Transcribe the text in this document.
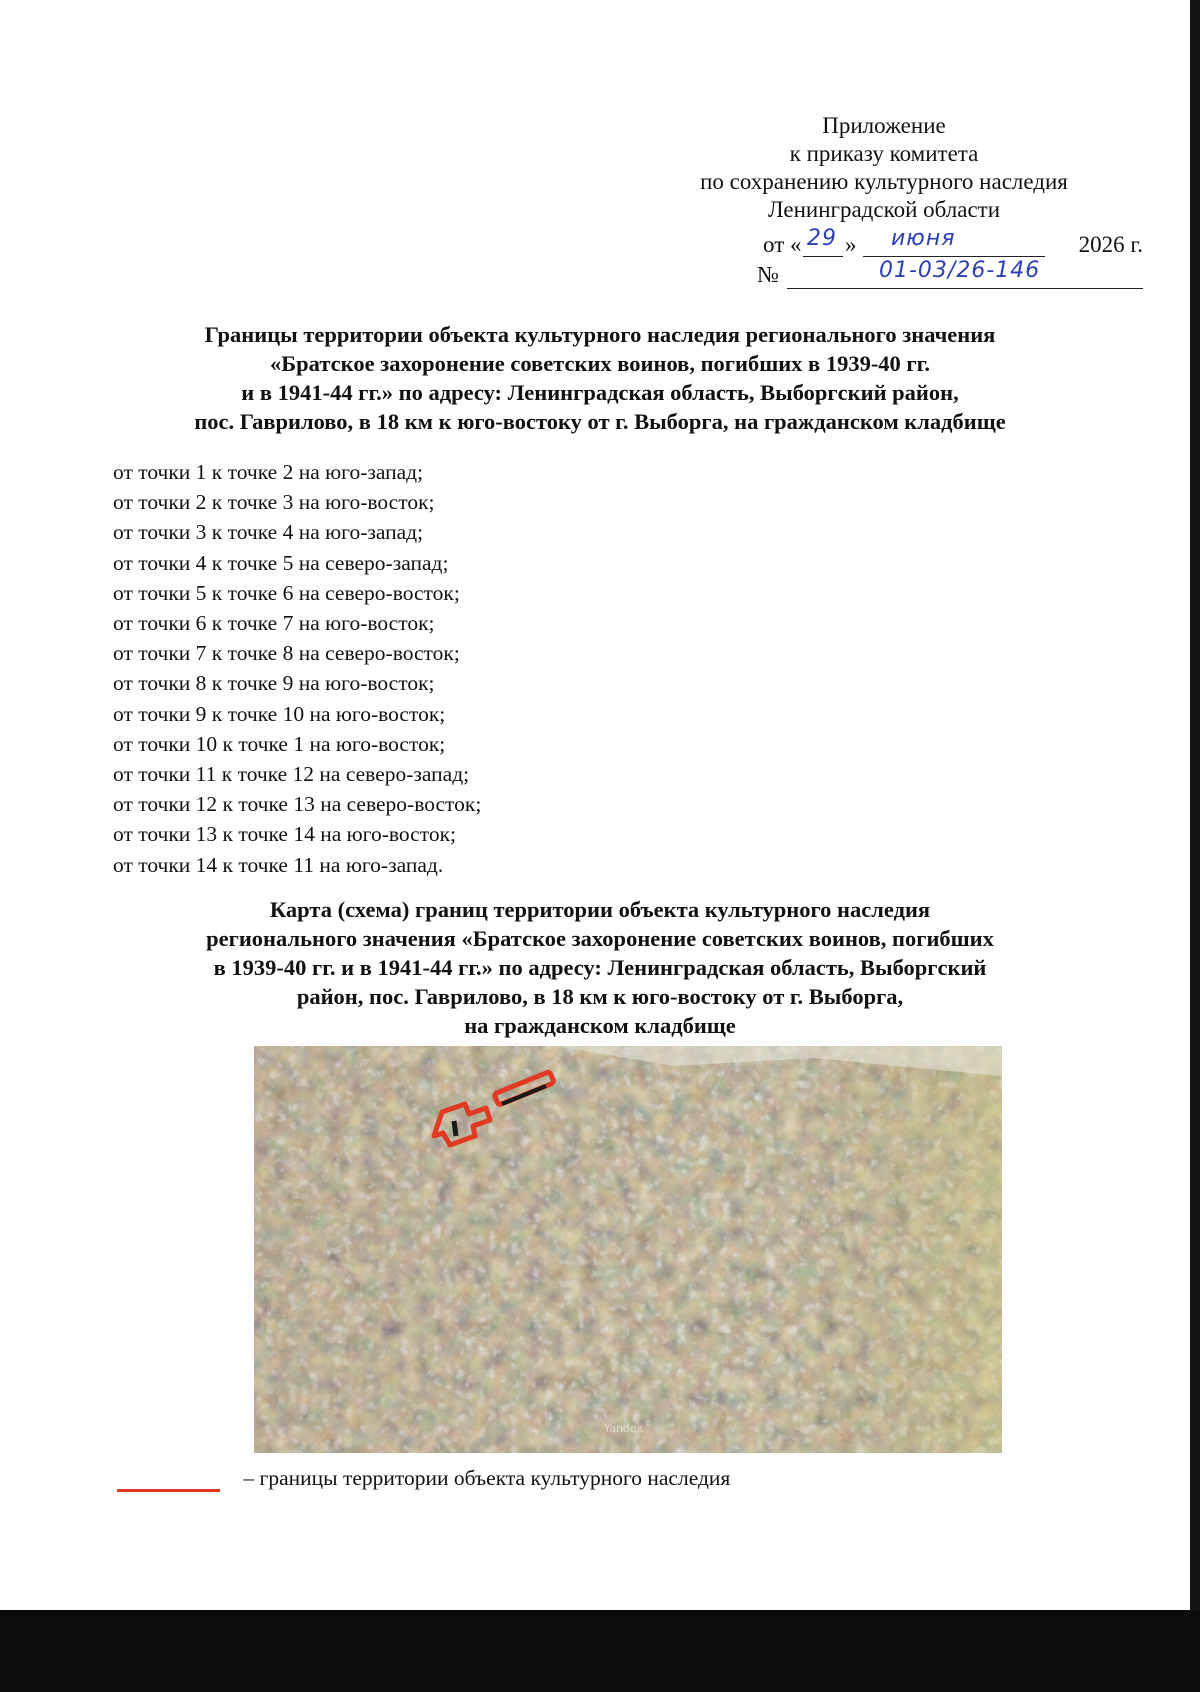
Приложение
к приказу комитета
по сохранению культурного наследия
Ленинградской области
от « 29 » июня	2026 г.
№	01-03/26-146
Границы территории объекта культурного наследия регионального значения
«Братское захоронение советских воинов, погибших в 1939-40 гг.
и в 1941-44 гг.» по адресу: Ленинградская область, Выборгский район,
пос. Гаврилово, в 18 км к юго-востоку от г. Выборга, на гражданском кладбище
от точки 1 к точке 2 на юго-запад;
от точки 2 к точке 3 на юго-восток;
от точки 3 к точке 4 на юго-запад;
от точки 4 к точке 5 на северо-запад;
от точки 5 к точке 6 на северо-восток;
от точки 6 к точке 7 на юго-восток;
от точки 7 к точке 8 на северо-восток;
от точки 8 к точке 9 на юго-восток;
от точки 9 к точке 10 на юго-восток;
от точки 10 к точке 1 на юго-восток;
от точки 11 к точке 12 на северо-запад;
от точки 12 к точке 13 на северо-восток;
от точки 13 к точке 14 на юго-восток;
от точки 14 к точке 11 на юго-запад.
Карта (схема) границ территории объекта культурного наследия
регионального значения «Братское захоронение советских воинов, погибших
в 1939-40 гг. и в 1941-44 гг.» по адресу: Ленинградская область, Выборгский
район, пос. Гаврилово, в 18 км к юго-востоку от г. Выборга,
на гражданском кладбище
Yandex
– границы территории объекта культурного наследия
